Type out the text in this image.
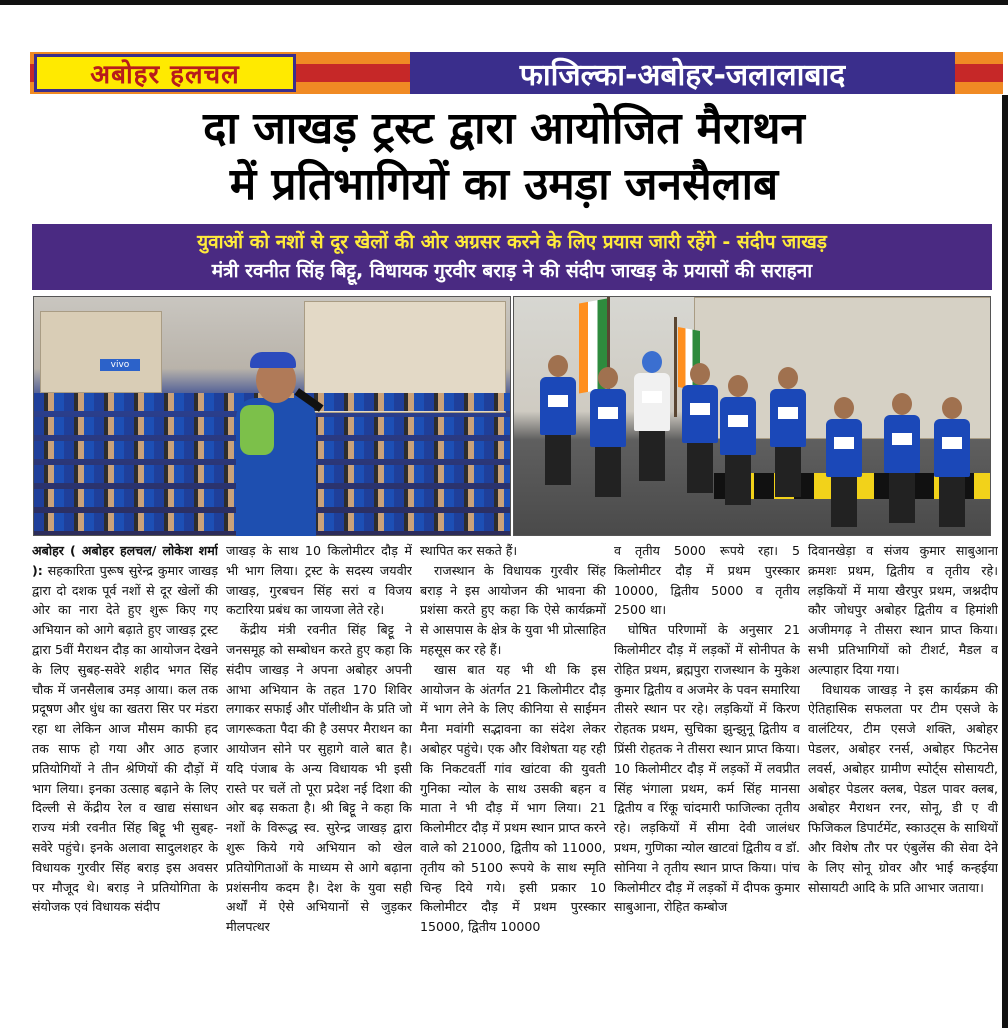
अबोहर हलचल	फाजिल्का-अबोहर-जलालाबाद
दा जाखड़ ट्रस्ट द्वारा आयोजित मैराथन
में प्रतिभागियों का उमड़ा जनसैलाब
युवाओं को नशों से दूर खेलों की ओर अग्रसर करने के लिए प्रयास जारी रहेंगे - संदीप जाखड़
मंत्री रवनीत सिंह बिट्टू, विधायक गुरवीर बराड़ ने की संदीप जाखड़ के प्रयासों की सराहना
vivo

अबोहर ( अबोहर हलचल/ लोकेश शर्मा ): सहकारिता पुरूष सुरेन्द्र कुमार जाखड़ द्वारा दो दशक पूर्व नशों से दूर खेलों की ओर का नारा देते हुए शुरू किए गए अभियान को आगे बढ़ाते हुए जाखड़ ट्रस्ट द्वारा 5वीं मैराथन दौड़ का आयोजन देखने के लिए सुबह-सवेरे शहीद भगत सिंह चौक में जनसैलाब उमड़ आया। कल तक प्रदूषण और धुंध का खतरा सिर पर मंडरा रहा था लेकिन आज मौसम काफी हद तक साफ हो गया और आठ हजार प्रतियोगियों ने तीन श्रेणियों की दौड़ों में भाग लिया। इनका उत्साह बढ़ाने के लिए दिल्ली से केंद्रीय रेल व खाद्य संसाधन राज्य मंत्री रवनीत सिंह बिट्टू भी सुबह-सवेरे पहुंचे। इनके अलावा सादुलशहर के विधायक गुरवीर सिंह बराड़ इस अवसर पर मौजूद थे। बराड़ ने प्रतियोगिता के संयोजक एवं विधायक संदीप

जाखड़ के साथ 10 किलोमीटर दौड़ में भी भाग लिया। ट्रस्ट के सदस्य जयवीर जाखड़, गुरबचन सिंह सरां व विजय कटारिया प्रबंध का जायजा लेते रहे।

केंद्रीय मंत्री रवनीत सिंह बिट्टू ने जनसमूह को सम्बोधन करते हुए कहा कि संदीप जाखड़ ने अपना अबोहर अपनी आभा अभियान के तहत 170 शिविर लगाकर सफाई और पॉलीथीन के प्रति जो जागरूकता पैदा की है उसपर मैराथन का आयोजन सोने पर सुहागे वाले बात है। यदि पंजाब के अन्य विधायक भी इसी रास्ते पर चलें तो पूरा प्रदेश नई दिशा की ओर बढ़ सकता है। श्री बिट्टू ने कहा कि नशों के विरूद्ध स्व. सुरेन्द्र जाखड़ द्वारा शुरू किये गये अभियान को खेल प्रतियोगिताओं के माध्यम से आगे बढ़ाना प्रशंसनीय कदम है। देश के युवा सही अर्थों में ऐसे अभियानों से जुड़कर मीलपत्थर

स्थापित कर सकते हैं।

राजस्थान के विधायक गुरवीर सिंह बराड़ ने इस आयोजन की भावना की प्रशंसा करते हुए कहा कि ऐसे कार्यक्रमों से आसपास के क्षेत्र के युवा भी प्रोत्साहित महसूस कर रहे हैं।

खास बात यह भी थी कि इस आयोजन के अंतर्गत 21 किलोमीटर दौड़ में भाग लेने के लिए कीनिया से साईमन मैना मवांगी सद्भावना का संदेश लेकर अबोहर पहुंचे। एक और विशेषता यह रही कि निकटवर्ती गांव खांटवा की युवती गुनिका न्योल के साथ उसकी बहन व माता ने भी दौड़ में भाग लिया। 21 किलोमीटर दौड़ में प्रथम स्थान प्राप्त करने वाले को 21000, द्वितीय को 11000, तृतीय को 5100 रूपये के साथ स्मृति चिन्ह दिये गये। इसी प्रकार 10 किलोमीटर दौड़ में प्रथम पुरस्कार 15000, द्वितीय 10000

व तृतीय 5000 रूपये रहा। 5 किलोमीटर दौड़ में प्रथम पुरस्कार 10000, द्वितीय 5000 व तृतीय 2500 था।

घोषित परिणामों के अनुसार 21 किलोमीटर दौड़ में लड़कों में सोनीपत के रोहित प्रथम, ब्रह्मपुरा राजस्थान के मुकेश कुमार द्वितीय व अजमेर के पवन समारिया तीसरे स्थान पर रहे। लड़कियों में किरण रोहतक प्रथम, सुचिका झुन्झुनू द्वितीय व प्रिंसी रोहतक ने तीसरा स्थान प्राप्त किया। 10 किलोमीटर दौड़ में लड़कों में लवप्रीत सिंह भंगाला प्रथम, कर्म सिंह मानसा द्वितीय व रिंकू चांदमारी फाजिल्का तृतीय रहे। लड़कियों में सीमा देवी जालंधर प्रथम, गुणिका न्योल खाटवां द्वितीय व डॉ. सोनिया ने तृतीय स्थान प्राप्त किया। पांच किलोमीटर दौड़ में लड़कों में दीपक कुमार साबुआना, रोहित कम्बोज

दिवानखेड़ा व संजय कुमार साबुआना क्रमशः प्रथम, द्वितीय व तृतीय रहे। लड़कियों में माया खैरपुर प्रथम, जश्नदीप कौर जोधपुर अबोहर द्वितीय व हिमांशी अजीमगढ़ ने तीसरा स्थान प्राप्त किया। सभी प्रतिभागियों को टीशर्ट, मैडल व अल्पाहार दिया गया।

विधायक जाखड़ ने इस कार्यक्रम की ऐतिहासिक सफलता पर टीम एसजे के वालंटियर, टीम एसजे शक्ति, अबोहर पेडलर, अबोहर रनर्स, अबोहर फिटनेस लवर्स, अबोहर ग्रामीण स्पोर्ट्स सोसायटी, अबोहर पेडलर क्लब, पेडल पावर क्लब, अबोहर मैराथन रनर, सोनू, डी ए वी फिजिकल डिपार्टमेंट, स्काउट्स के साथियों और विशेष तौर पर एंबुलेंस की सेवा देने के लिए सोनू ग्रोवर और भाई कन्हईया सोसायटी आदि के प्रति आभार जताया।
